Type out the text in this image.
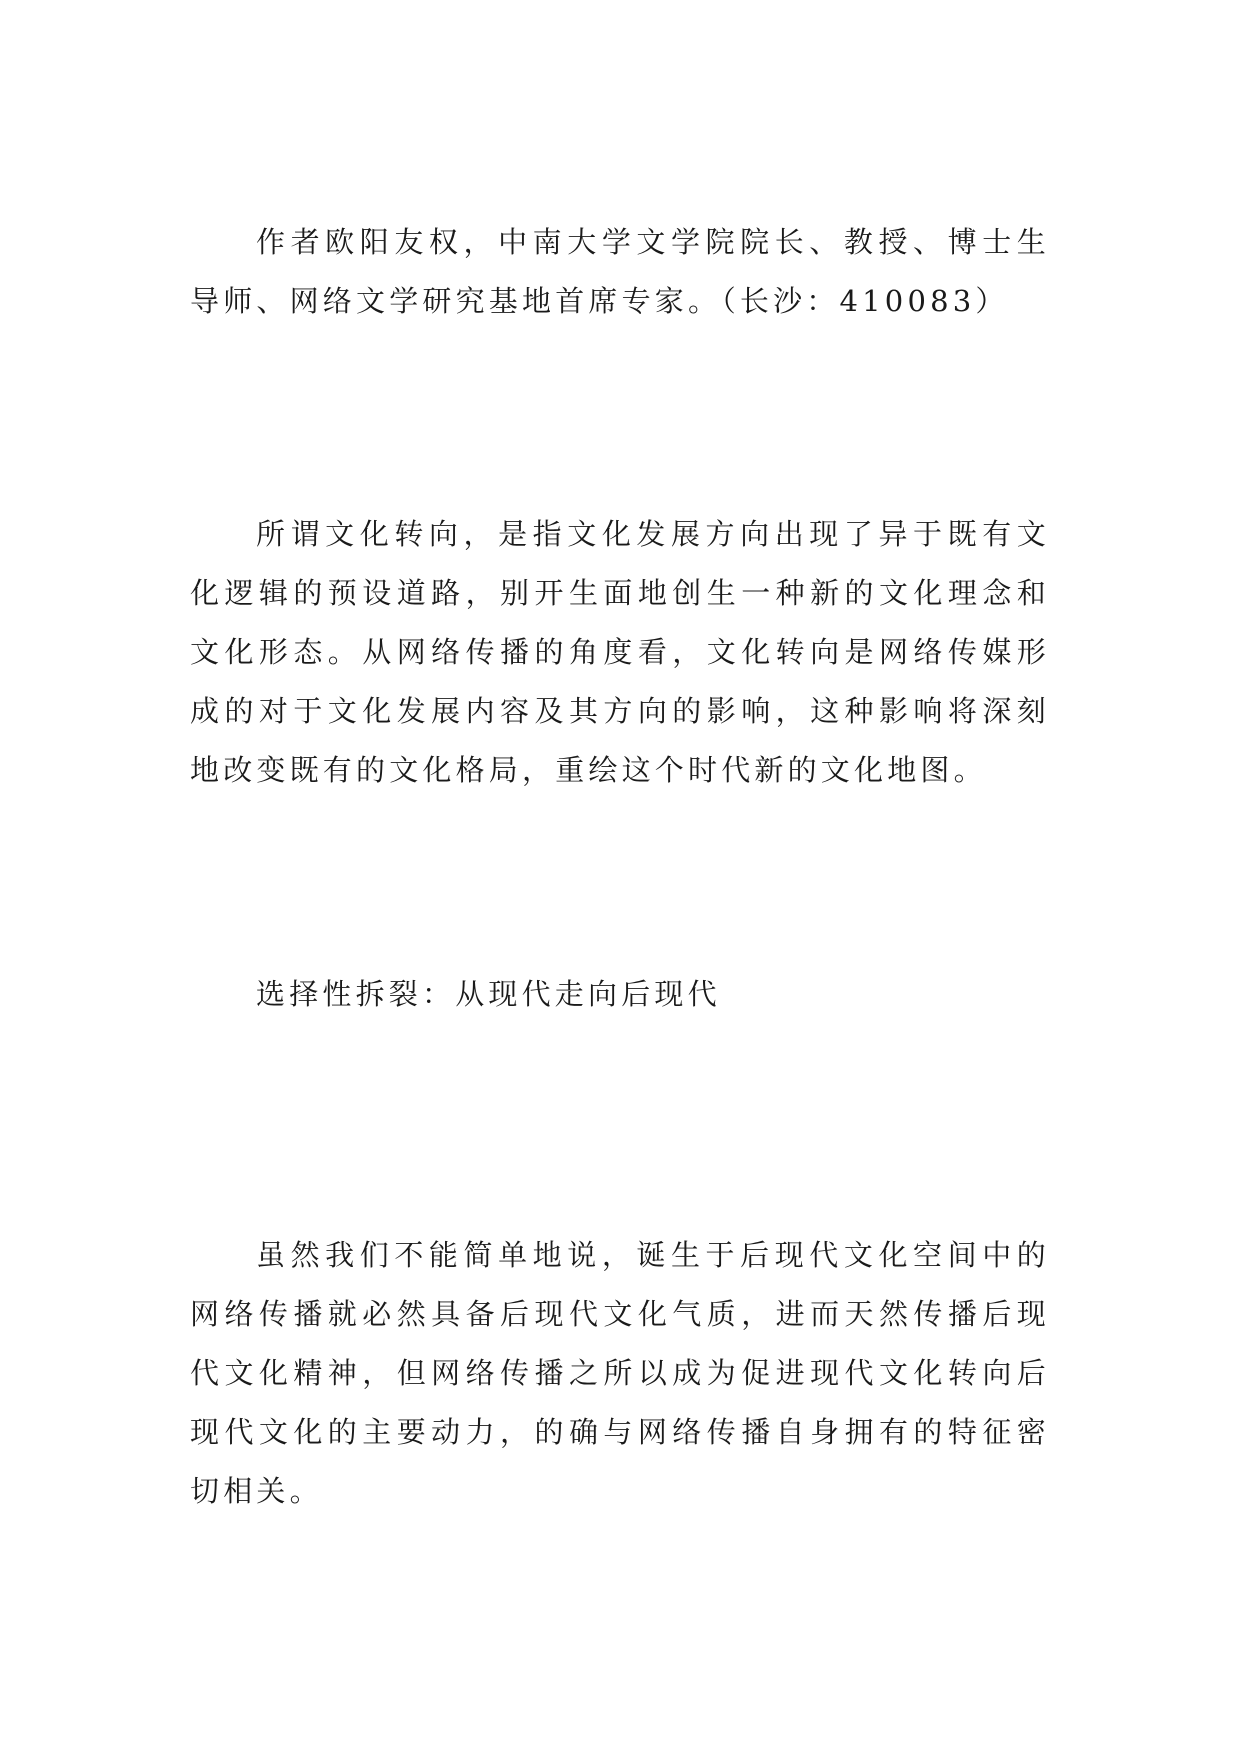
作者欧阳友权，中南大学文学院院长、教授、博士生导师、网络文学研究基地首席专家。（长沙：410083）

所谓文化转向，是指文化发展方向出现了异于既有文化逻辑的预设道路，别开生面地创生一种新的文化理念和文化形态。从网络传播的角度看，文化转向是网络传媒形成的对于文化发展内容及其方向的影响，这种影响将深刻地改变既有的文化格局，重绘这个时代新的文化地图。

选择性拆裂：从现代走向后现代

虽然我们不能简单地说，诞生于后现代文化空间中的网络传播就必然具备后现代文化气质，进而天然传播后现代文化精神，但网络传播之所以成为促进现代文化转向后现代文化的主要动力，的确与网络传播自身拥有的特征密切相关。
